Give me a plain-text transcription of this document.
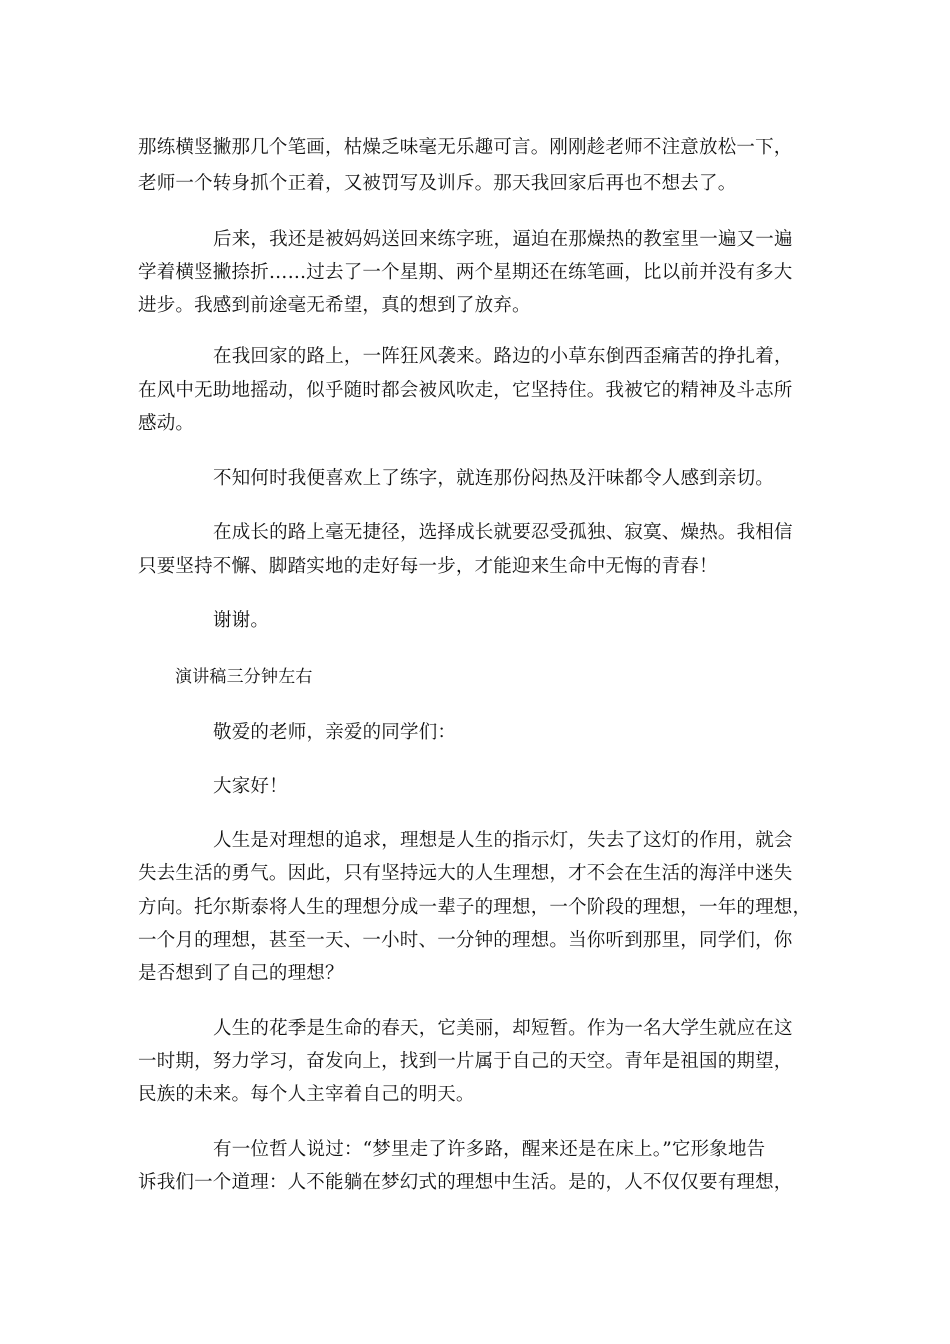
那练横竖撇那几个笔画，枯燥乏味毫无乐趣可言。刚刚趁老师不注意放松一下，
老师一个转身抓个正着，又被罚写及训斥。那天我回家后再也不想去了。
后来，我还是被妈妈送回来练字班，逼迫在那燥热的教室里一遍又一遍
学着横竖撇捺折……过去了一个星期、两个星期还在练笔画，比以前并没有多大
进步。我感到前途毫无希望，真的想到了放弃。
在我回家的路上，一阵狂风袭来。路边的小草东倒西歪痛苦的挣扎着，
在风中无助地摇动，似乎随时都会被风吹走，它坚持住。我被它的精神及斗志所
感动。
不知何时我便喜欢上了练字，就连那份闷热及汗味都令人感到亲切。
在成长的路上毫无捷径，选择成长就要忍受孤独、寂寞、燥热。我相信
只要坚持不懈、脚踏实地的走好每一步，才能迎来生命中无悔的青春！
谢谢。
演讲稿三分钟左右
敬爱的老师，亲爱的同学们：
大家好！
人生是对理想的追求，理想是人生的指示灯，失去了这灯的作用，就会
失去生活的勇气。因此，只有坚持远大的人生理想，才不会在生活的海洋中迷失
方向。托尔斯泰将人生的理想分成一辈子的理想，一个阶段的理想，一年的理想，
一个月的理想，甚至一天、一小时、一分钟的理想。当你听到那里，同学们，你
是否想到了自己的理想？
人生的花季是生命的春天，它美丽，却短暂。作为一名大学生就应在这
一时期，努力学习，奋发向上，找到一片属于自己的天空。青年是祖国的期望，
民族的未来。每个人主宰着自己的明天。
有一位哲人说过：“梦里走了许多路，醒来还是在床上。”它形象地告
诉我们一个道理：人不能躺在梦幻式的理想中生活。是的，人不仅仅要有理想，
